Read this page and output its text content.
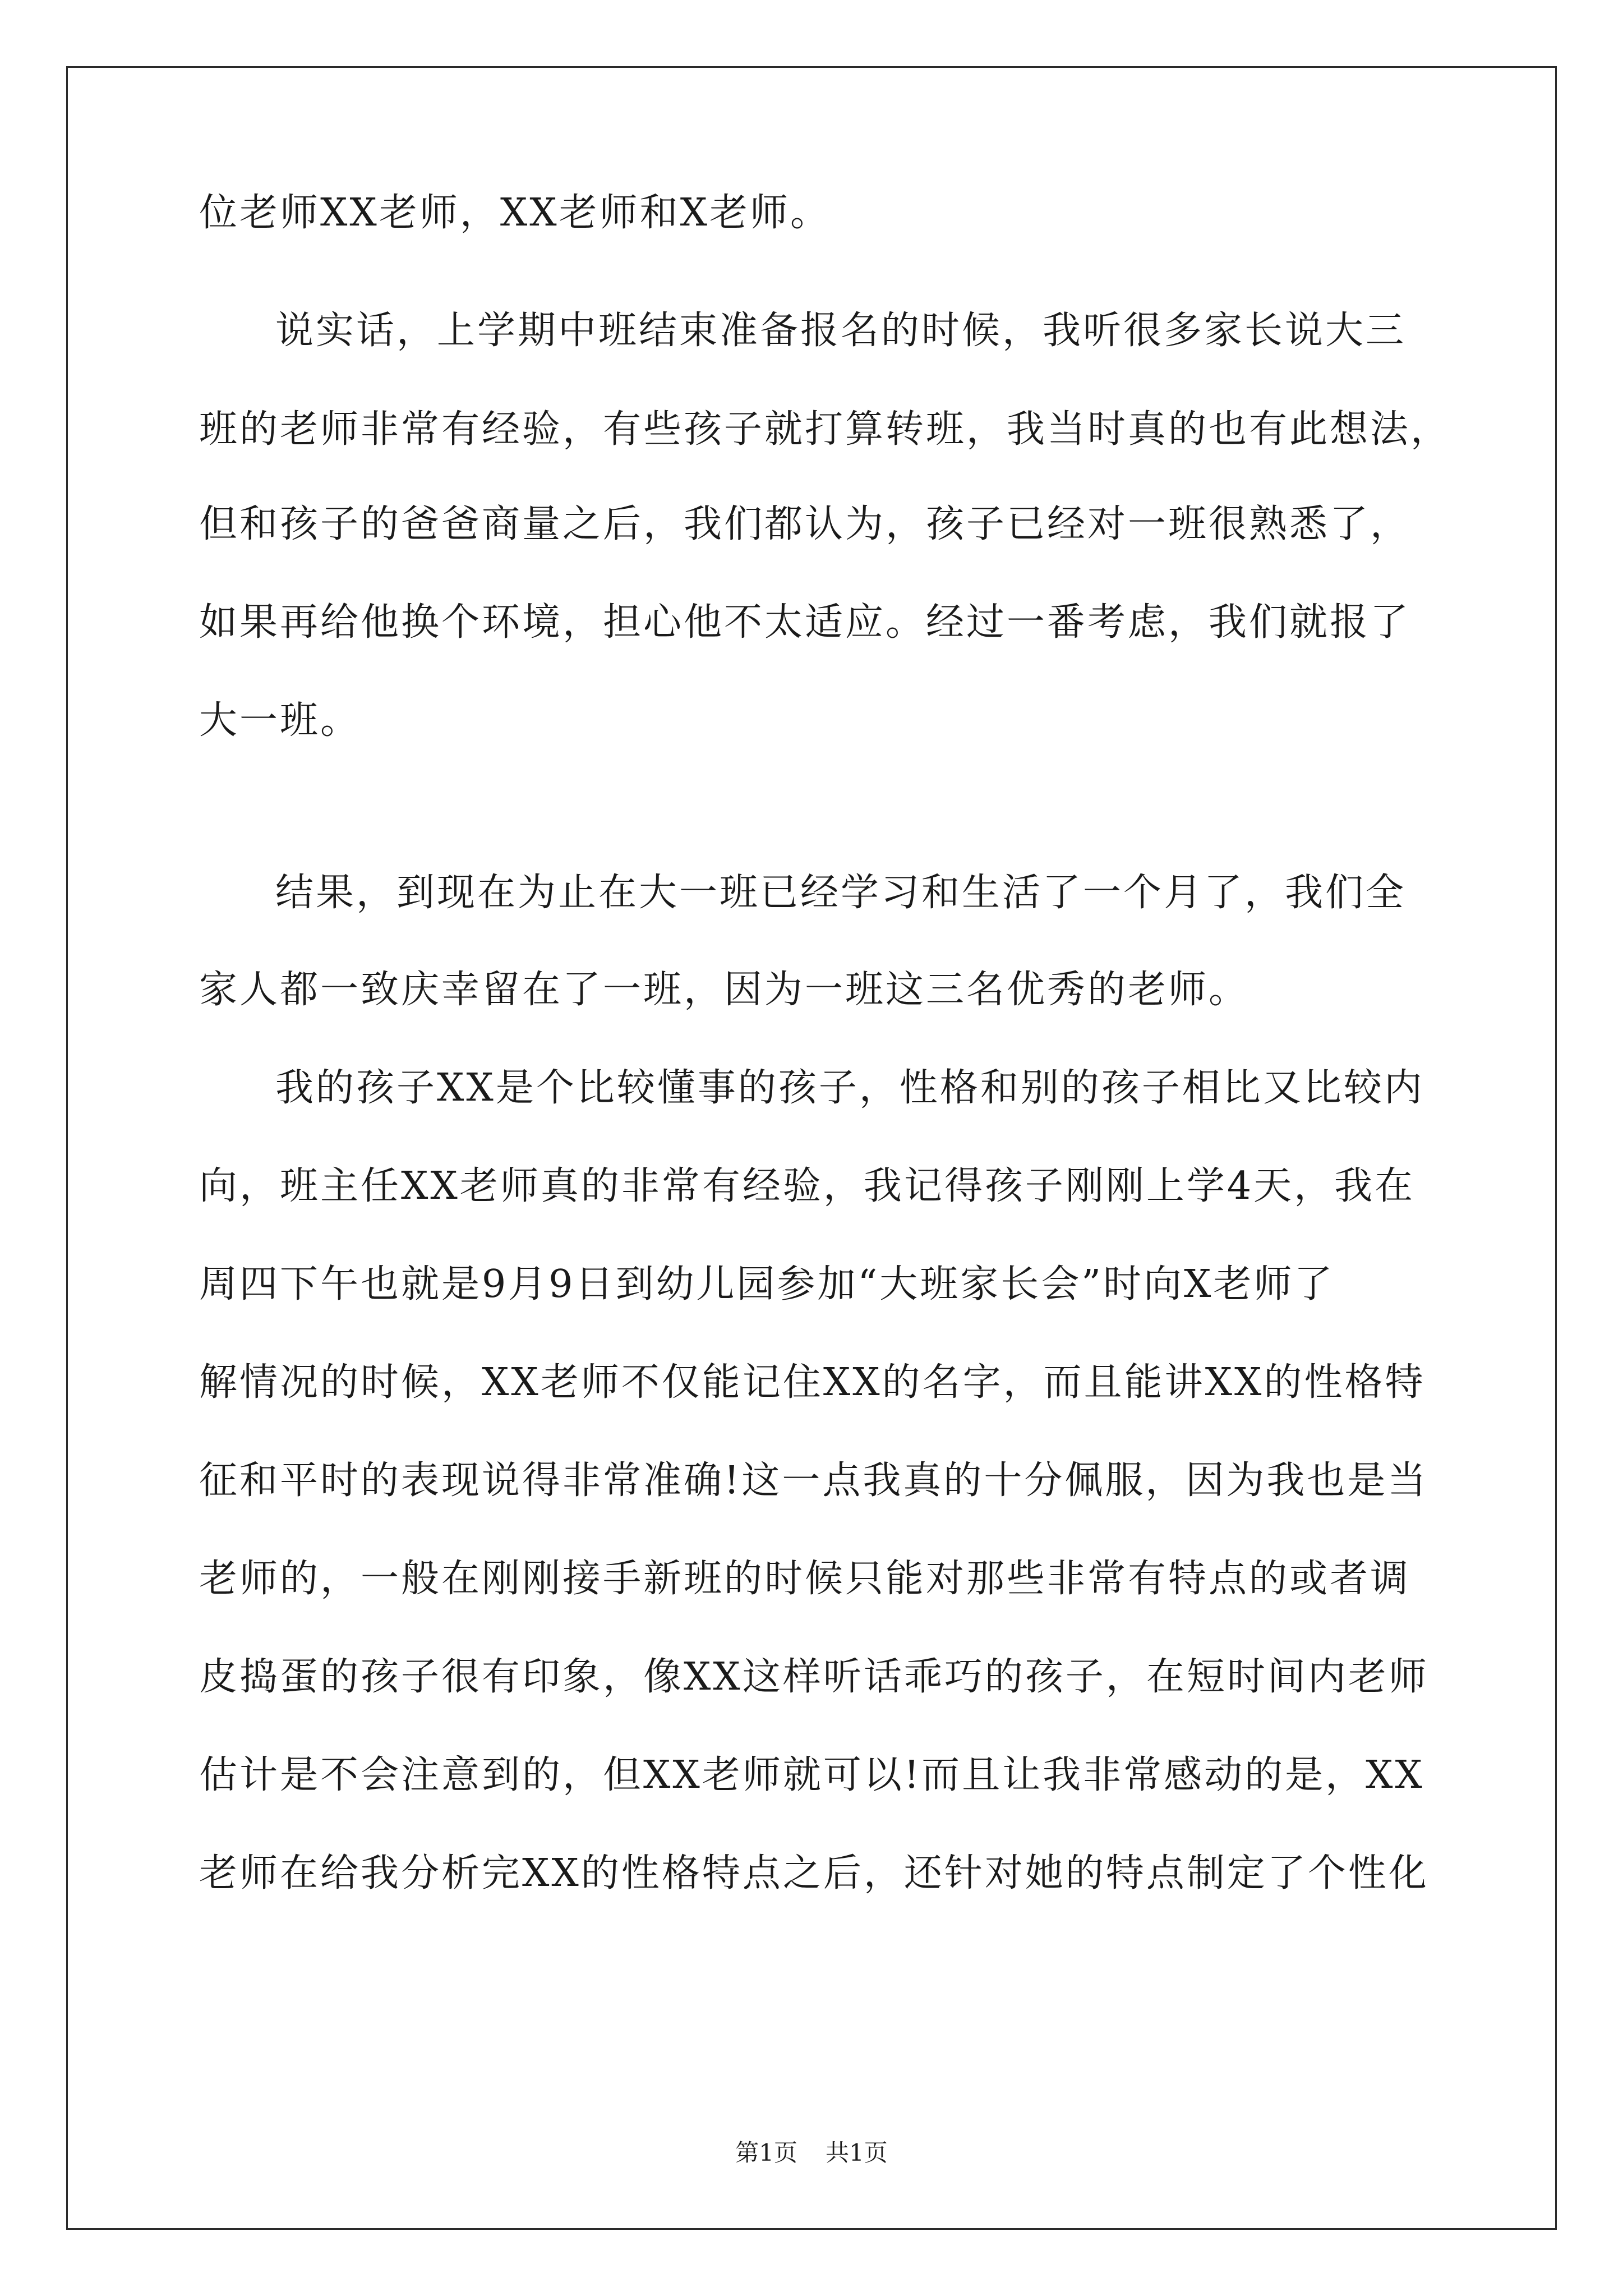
位老师XX老师，XX老师和X老师。
说实话，上学期中班结束准备报名的时候，我听很多家长说大三
班的老师非常有经验，有些孩子就打算转班，我当时真的也有此想法，
但和孩子的爸爸商量之后，我们都认为，孩子已经对一班很熟悉了，
如果再给他换个环境，担心他不太适应。经过一番考虑，我们就报了
大一班。
结果，到现在为止在大一班已经学习和生活了一个月了，我们全
家人都一致庆幸留在了一班，因为一班这三名优秀的老师。
我的孩子XX是个比较懂事的孩子，性格和别的孩子相比又比较内
向，班主任XX老师真的非常有经验，我记得孩子刚刚上学4天，我在
周四下午也就是9月9日到幼儿园参加“大班家长会”时向X老师了
解情况的时候，XX老师不仅能记住XX的名字，而且能讲XX的性格特
征和平时的表现说得非常准确!这一点我真的十分佩服，因为我也是当
老师的，一般在刚刚接手新班的时候只能对那些非常有特点的或者调
皮捣蛋的孩子很有印象，像XX这样听话乖巧的孩子，在短时间内老师
估计是不会注意到的，但XX老师就可以!而且让我非常感动的是，XX
老师在给我分析完XX的性格特点之后，还针对她的特点制定了个性化
第1页 共1页
